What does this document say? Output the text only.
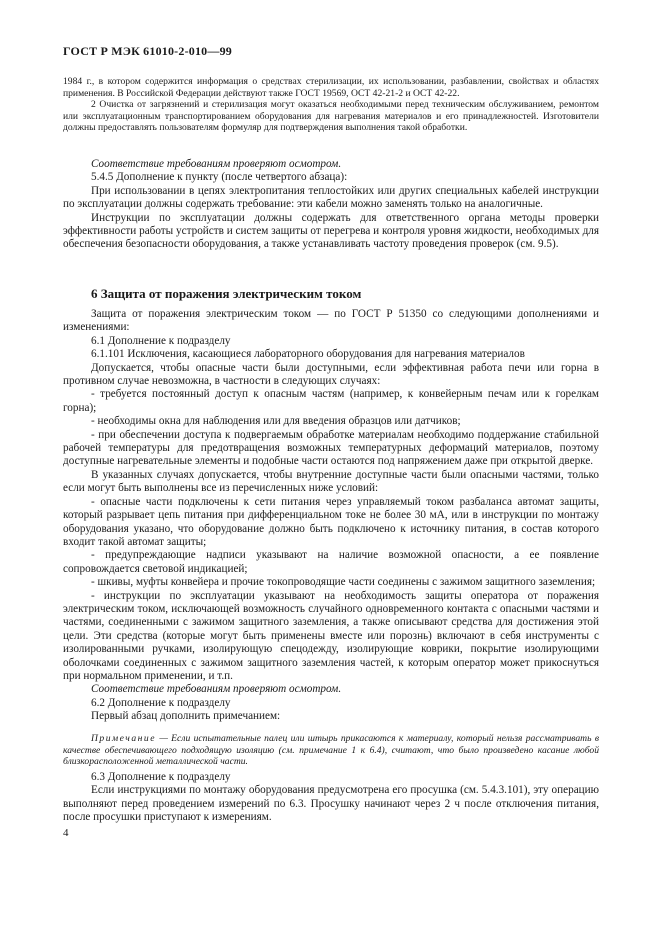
ГОСТ Р МЭК 61010-2-010—99

1984 г., в котором содержится информация о средствах стерилизации, их использовании, разбавлении, свойствах и областях применения. В Российской Федерации действуют также ГОСТ 19569, ОСТ 42-21-2 и ОСТ 42-22.

2 Очистка от загрязнений и стерилизация могут оказаться необходимыми перед техническим обслуживанием, ремонтом или эксплуатационным транспортированием оборудования для нагревания материалов и его принадлежностей. Изготовители должны предоставлять пользователям формуляр для подтверждения выполнения такой обработки.

Соответствие требованиям проверяют осмотром.

5.4.5 Дополнение к пункту (после четвертого абзаца):

При использовании в цепях электропитания теплостойких или других специальных кабелей инструкции по эксплуатации должны содержать требование: эти кабели можно заменять только на аналогичные.

Инструкции по эксплуатации должны содержать для ответственного органа методы проверки эффективности работы устройств и систем защиты от перегрева и контроля уровня жидкости, необходимых для обеспечения безопасности оборудования, а также устанавливать частоту проведения проверок (см. 9.5).

6 Защита от поражения электрическим током

Защита от поражения электрическим током — по ГОСТ Р 51350 со следующими дополнениями и изменениями:

6.1 Дополнение к подразделу

6.1.101 Исключения, касающиеся лабораторного оборудования для нагревания материалов

Допускается, чтобы опасные части были доступными, если эффективная работа печи или горна в противном случае невозможна, в частности в следующих случаях:

- требуется постоянный доступ к опасным частям (например, к конвейерным печам или к горелкам горна);

- необходимы окна для наблюдения или для введения образцов или датчиков;

- при обеспечении доступа к подвергаемым обработке материалам необходимо поддержание стабильной рабочей температуры для предотвращения возможных температурных деформаций материалов, поэтому доступные нагревательные элементы и подобные части остаются под напряжением даже при открытой дверке.

В указанных случаях допускается, чтобы внутренние доступные части были опасными частями, только если могут быть выполнены все из перечисленных ниже условий:

- опасные части подключены к сети питания через управляемый током разбаланса автомат защиты, который разрывает цепь питания при дифференциальном токе не более 30 мА, или в инструкции по монтажу оборудования указано, что оборудование должно быть подключено к источнику питания, в состав которого входит такой автомат защиты;

- предупреждающие надписи указывают на наличие возможной опасности, а ее появление сопровождается световой индикацией;

- шкивы, муфты конвейера и прочие токопроводящие части соединены с зажимом защитного заземления;

- инструкции по эксплуатации указывают на необходимость защиты оператора от поражения электрическим током, исключающей возможность случайного одновременного контакта с опасными частями и частями, соединенными с зажимом защитного заземления, а также описывают средства для достижения этой цели. Эти средства (которые могут быть применены вместе или порознь) включают в себя инструменты с изолированными ручками, изолирующую спецодежду, изолирующие коврики, покрытие изолирующими оболочками соединенных с зажимом защитного заземления частей, к которым оператор может прикоснуться при нормальном применении, и т.п.

Соответствие требованиям проверяют осмотром.

6.2 Дополнение к подразделу

Первый абзац дополнить примечанием:

Примечание — Если испытательные палец или штырь прикасаются к материалу, который нельзя рассматривать в качестве обеспечивающего подходящую изоляцию (см. примечание 1 к 6.4), считают, что было произведено касание любой близкорасположенной металлической части.

6.3 Дополнение к подразделу

Если инструкциями по монтажу оборудования предусмотрена его просушка (см. 5.4.3.101), эту операцию выполняют перед проведением измерений по 6.3. Просушку начинают через 2 ч после отключения питания, после просушки приступают к измерениям.

4
